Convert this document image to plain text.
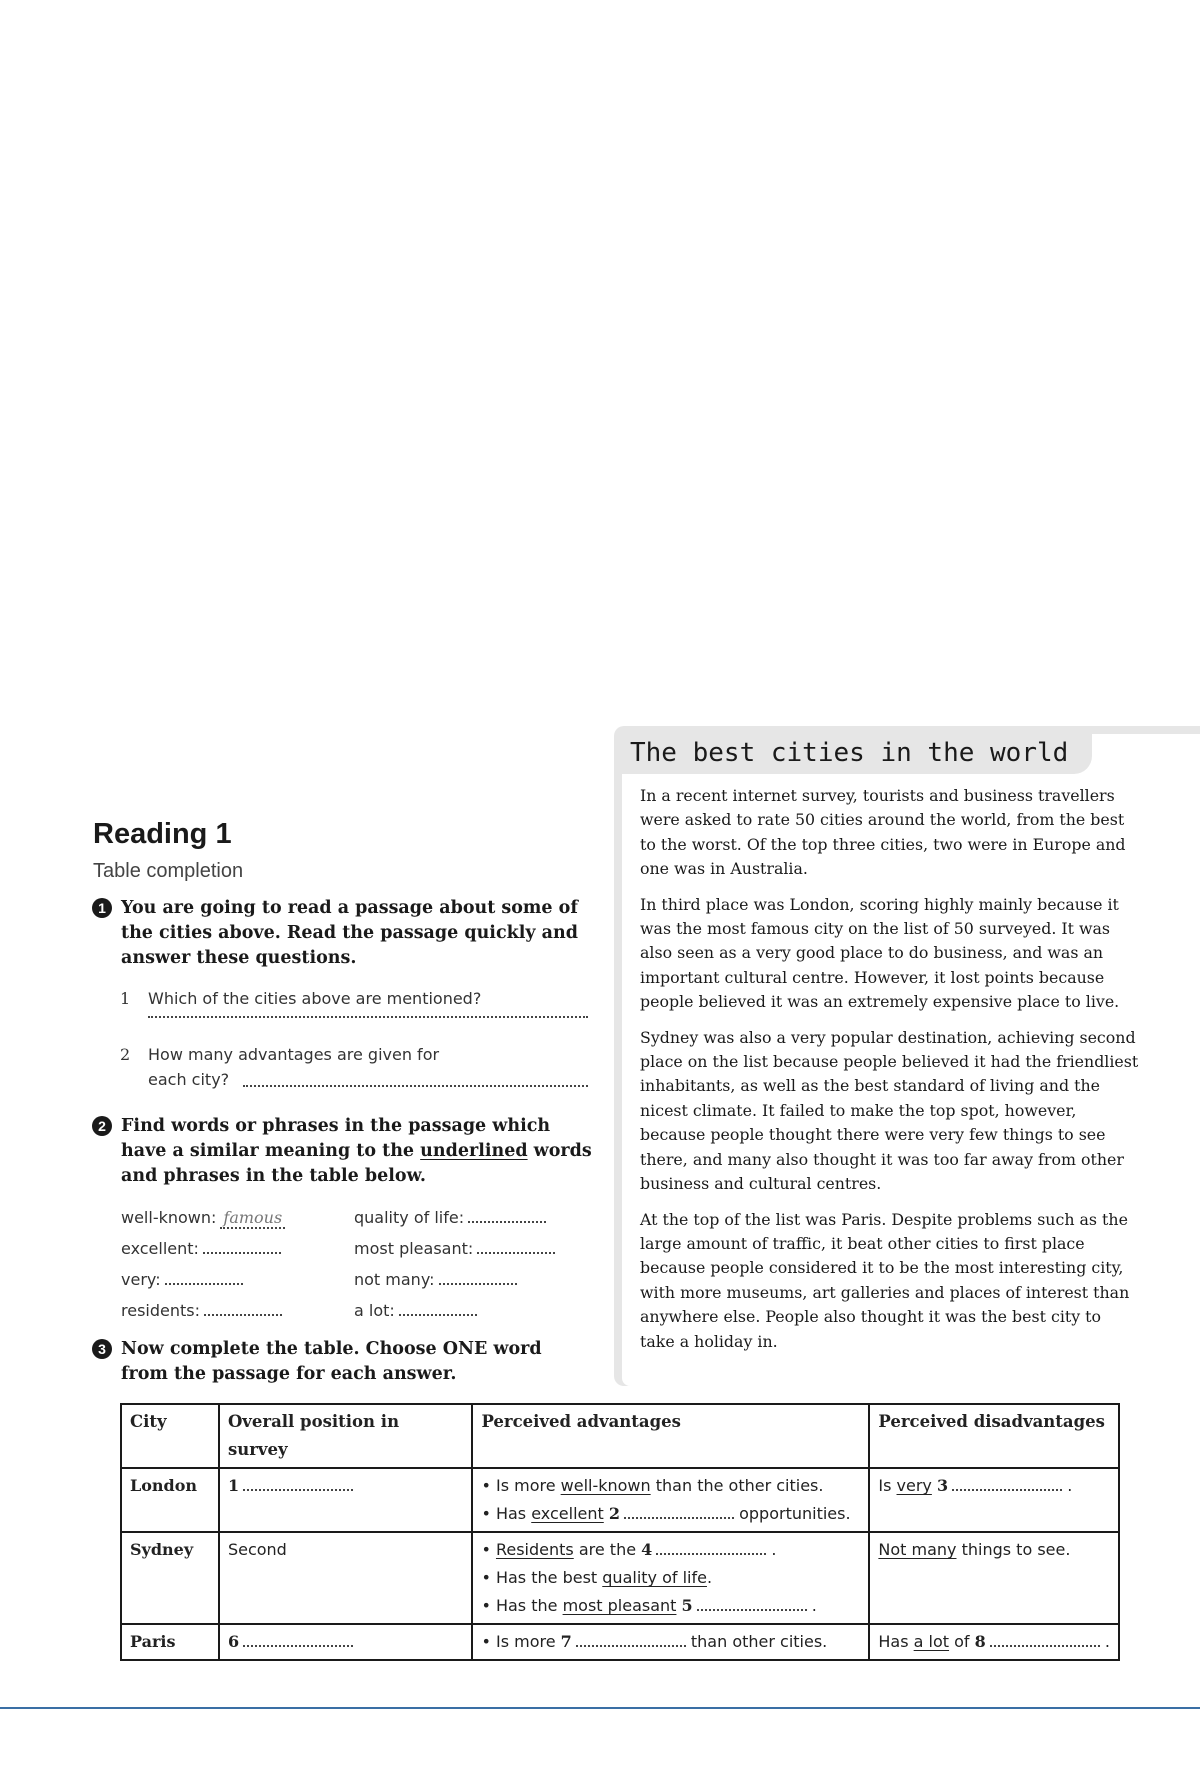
Reading 1
Table completion
1 You are going to read a passage about some of the cities above. Read the passage quickly and answer these questions.
1	Which of the cities above are mentioned?
2	How many advantages are given for
each city?
2 Find words or phrases in the passage which have a similar meaning to the underlined words and phrases in the table below.
well-known: famous	quality of life:
excellent:	most pleasant:
very:	not many:
residents:	a lot:
3 Now complete the table. Choose ONE word from the passage for each answer.
The best cities in the world

In a recent internet survey, tourists and business travellers were asked to rate 50 cities around the world, from the best to the worst. Of the top three cities, two were in Europe and one was in Australia.

In third place was London, scoring highly mainly because it was the most famous city on the list of 50 surveyed. It was also seen as a very good place to do business, and was an important cultural centre. However, it lost points because people believed it was an extremely expensive place to live.

Sydney was also a very popular destination, achieving second place on the list because people believed it had the friendliest inhabitants, as well as the best standard of living and the nicest climate. It failed to make the top spot, however, because people thought there were very few things to see there, and many also thought it was too far away from other business and cultural centres.

At the top of the list was Paris. Despite problems such as the large amount of traffic, it beat other cities to first place because people considered it to be the most interesting city, with more museums, art galleries and places of interest than anywhere else. People also thought it was the best city to take a holiday in.

City	Overall position in survey	Perceived advantages	Perceived disadvantages
London	1	• Is more well-known than the other cities.
• Has excellent 2 opportunities.	Is very 3 .
Sydney	Second	• Residents are the 4 .
• Has the best quality of life.
• Has the most pleasant 5 .	Not many things to see.
Paris	6	• Is more 7 than other cities.	Has a lot of 8 .
